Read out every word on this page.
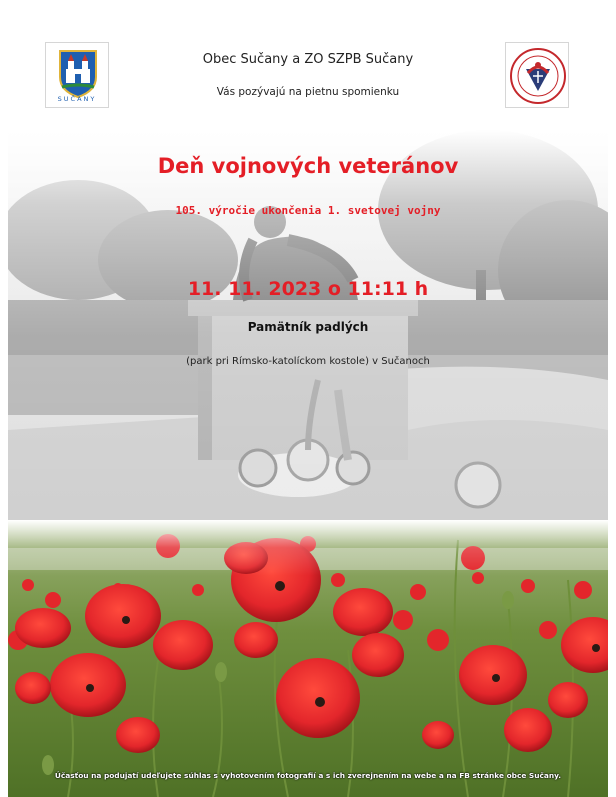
SUČANY
Obec Sučany a ZO SZPB Sučany
Vás pozývajú na pietnu spomienku
Deň vojnových veteránov
105. výročie ukončenia 1. svetovej vojny
11. 11. 2023 o 11:11 h
Pamätník padlých
(park pri Rímsko-katolíckom kostole) v Sučanoch
Účasťou na podujatí udeľujete súhlas s vyhotovením fotografií a s ich zverejnením na webe a na FB stránke obce Sučany.
